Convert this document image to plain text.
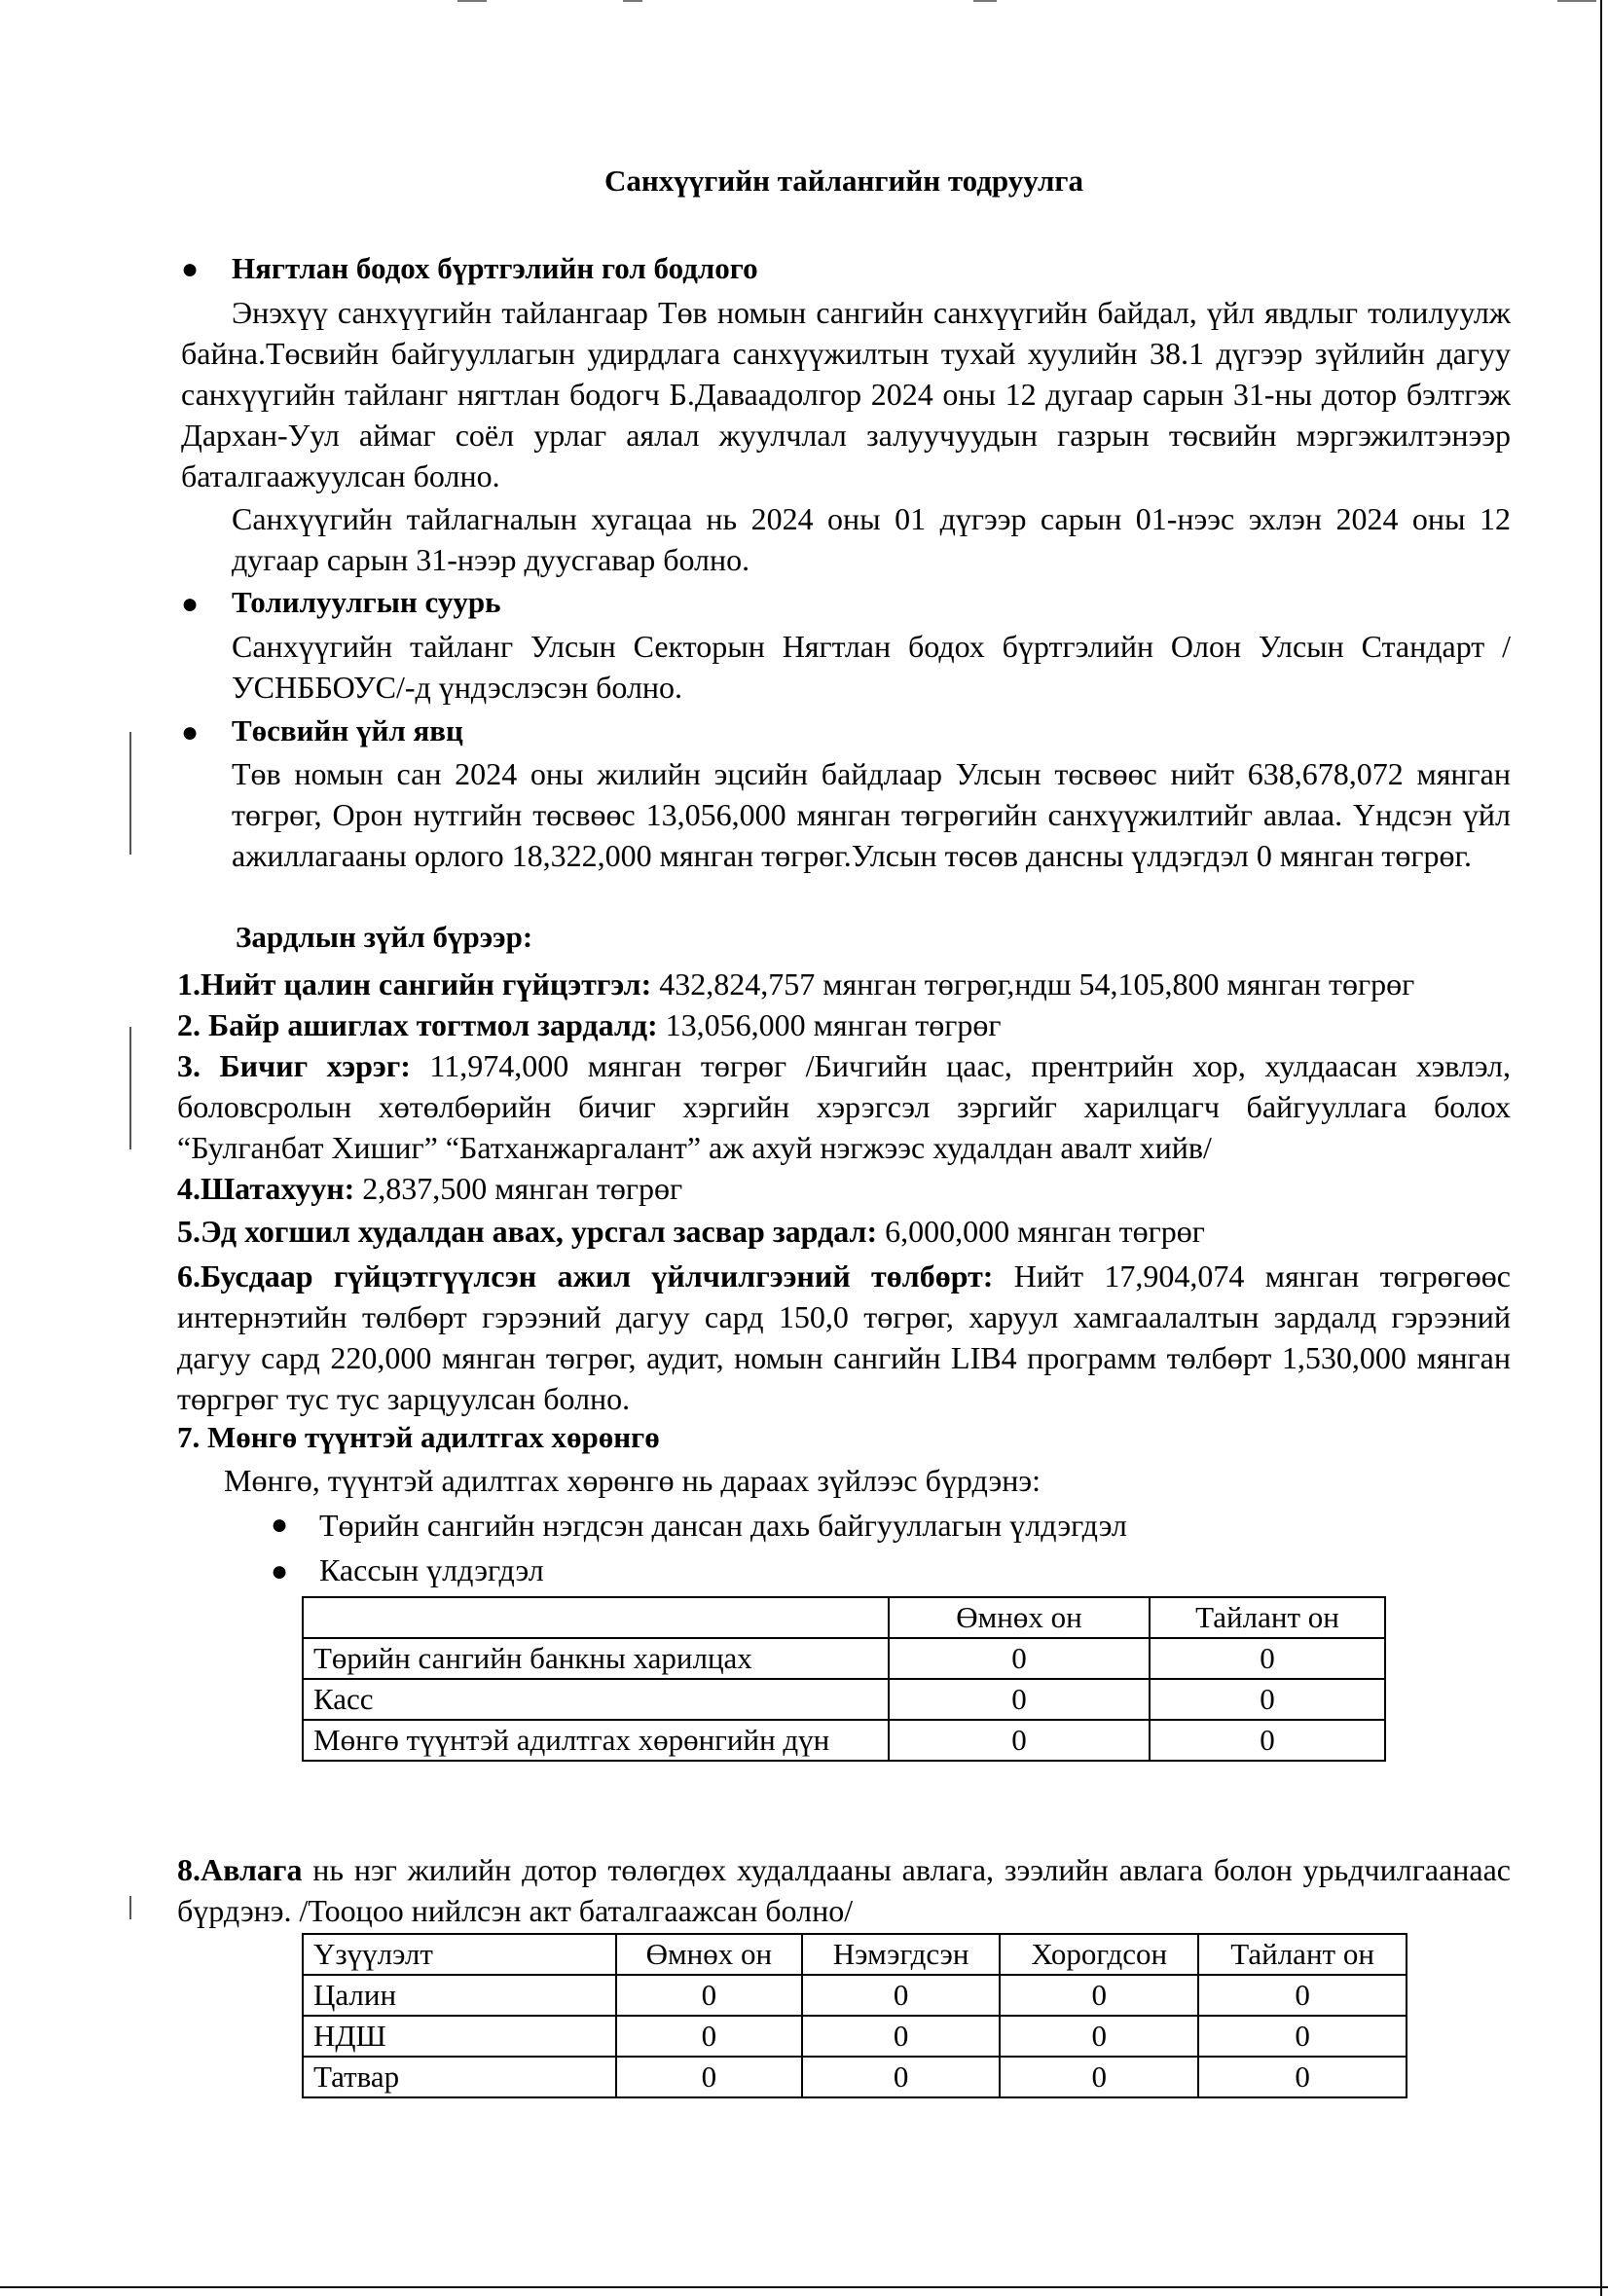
Санхүүгийн тайлангийн тодруулга
● Нягтлан бодох бүртгэлийн гол бодлого
Энэхүү санхүүгийн тайлангаар Төв номын сангийн санхүүгийн байдал, үйл явдлыг толилуулж байна.Төсвийн байгууллагын удирдлага санхүүжилтын тухай хуулийн 38.1 дүгээр зүйлийн дагуу санхүүгийн тайланг нягтлан бодогч Б.Даваадолгор 2024 оны 12 дугаар сарын 31-ны дотор бэлтгэж Дархан-Уул аймаг соёл урлаг аялал жуулчлал залуучуудын газрын төсвийн мэргэжилтэнээр баталгаажуулсан болно.
Санхүүгийн тайлагналын хугацаа нь 2024 оны 01 дүгээр сарын 01-нээс эхлэн 2024 оны 12 дугаар сарын 31-нээр дуусгавар болно.
● Толилуулгын суурь
Санхүүгийн тайланг Улсын Секторын Нягтлан бодох бүртгэлийн Олон Улсын Стандарт /УСНББОУС/-д үндэслэсэн болно.
● Төсвийн үйл явц
Төв номын сан 2024 оны жилийн эцсийн байдлаар Улсын төсвөөс нийт 638,678,072 мянган төгрөг, Орон нутгийн төсвөөс 13,056,000 мянган төгрөгийн санхүүжилтийг авлаа. Үндсэн үйл ажиллагааны орлого 18,322,000 мянган төгрөг.Улсын төсөв дансны үлдэгдэл 0 мянган төгрөг.
Зардлын зүйл бүрээр:
1.Нийт цалин сангийн гүйцэтгэл: 432,824,757 мянган төгрөг,ндш 54,105,800 мянган төгрөг
2. Байр ашиглах тогтмол зардалд: 13,056,000 мянган төгрөг
3. Бичиг хэрэг: 11,974,000 мянган төгрөг /Бичгийн цаас, прентрийн хор, хулдаасан хэвлэл, боловсролын хөтөлбөрийн бичиг хэргийн хэрэгсэл зэргийг харилцагч байгууллага болох “Булганбат Хишиг” “Батханжаргалант” аж ахуй нэгжээс худалдан авалт хийв/
4.Шатахуун: 2,837,500 мянган төгрөг
5.Эд хогшил худалдан авах, урсгал засвар зардал: 6,000,000 мянган төгрөг
6.Бусдаар гүйцэтгүүлсэн ажил үйлчилгээний төлбөрт: Нийт 17,904,074 мянган төгрөгөөс интернэтийн төлбөрт гэрээний дагуу сард 150,0 төгрөг, харуул хамгаалалтын зардалд гэрээний дагуу сард 220,000 мянган төгрөг, аудит, номын сангийн LIB4 программ төлбөрт 1,530,000 мянган төргрөг тус тус зарцуулсан болно.
7. Мөнгө түүнтэй адилтгах хөрөнгө
Мөнгө, түүнтэй адилтгах хөрөнгө нь дараах зүйлээс бүрдэнэ:
● Төрийн сангийн нэгдсэн дансан дахь байгууллагын үлдэгдэл
● Кассын үлдэгдэл
	Өмнөх он	Тайлант он
Төрийн сангийн банкны харилцах	0	0
Касс	0	0
Мөнгө түүнтэй адилтгах хөрөнгийн дүн	0	0
8.Авлага нь нэг жилийн дотор төлөгдөх худалдааны авлага, зээлийн авлага болон урьдчилгаанаас бүрдэнэ. /Тооцоо нийлсэн акт баталгаажсан болно/
Үзүүлэлт	Өмнөх он	Нэмэгдсэн	Хорогдсон	Тайлант он
Цалин	0	0	0	0
НДШ	0	0	0	0
Татвар	0	0	0	0
